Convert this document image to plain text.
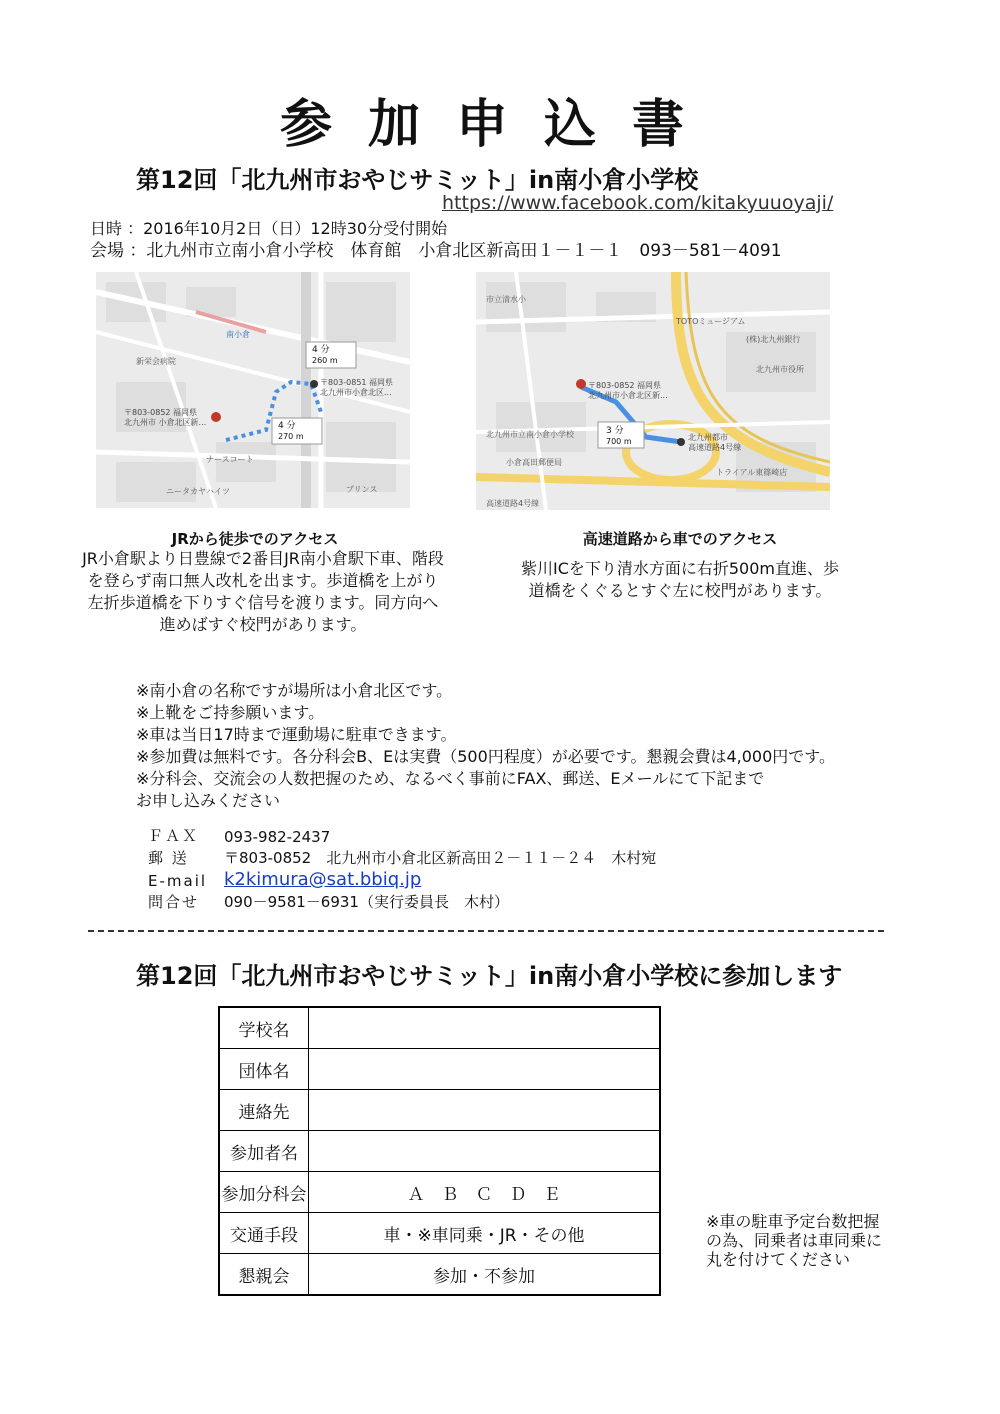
参加申込書
第12回「北九州市おやじサミット」in南小倉小学校
https://www.facebook.com/kitakyuuoyaji/
日時 ：2016年10月2日（日）12時30分受付開始
会場 ：北九州市立南小倉小学校　体育館　小倉北区新高田１－１－１　093－581－4091
4 分
260 m
4 分
270 m
〒803-0852 福岡県
北九州市 小倉北区新...
〒803-0851 福岡県
北九州市小倉北区...
新栄会病院
南小倉
ナースコート
ニータカヤハイツ	プリンス
3 分
700 m
〒803-0852 福岡県
北九州市小倉北区新...
北九州都市
高速道路4号線
市立清水小
TOTOミュージアム
北九州市役所
北九州市立南小倉小学校
小倉高田郵便局
トライアル東篠崎店
(株)北九州銀行
高速道路4号線
JRから徒歩でのアクセス
JR小倉駅より日豊線で2番目JR南小倉駅下車、階段を登らず南口無人改札を出ます。歩道橋を上がり左折歩道橋を下りすぐ信号を渡ります。同方向へ進めばすぐ校門があります。
高速道路から車でのアクセス
紫川ICを下り清水方面に右折500m直進、歩道橋をくぐるとすぐ左に校門があります。
※南小倉の名称ですが場所は小倉北区です。
※上靴をご持参願います。
※車は当日17時まで運動場に駐車できます。
※参加費は無料です。各分科会B、Eは実費（500円程度）が必要です。懇親会費は4,000円です。
※分科会、交流会の人数把握のため、なるべく事前にFAX、郵送、Eメールにて下記まで
お申し込みください
ＦＡＸ	093-982-2437
郵 送	〒803-0852　北九州市小倉北区新高田２－１１－２４　木村宛
E-mail k2kimura@sat.bbiq.jp
問合せ	090－9581－6931（実行委員長　木村）
第12回「北九州市おやじサミット」in南小倉小学校に参加します
学校名	
団体名	
連絡先	
参加者名	
参加分科会	Ａ　Ｂ　Ｃ　Ｄ　Ｅ
交通手段	車・※車同乗・JR・その他
懇親会	参加・不参加
※車の駐車予定台数把握の為、同乗者は車同乗に丸を付けてください
